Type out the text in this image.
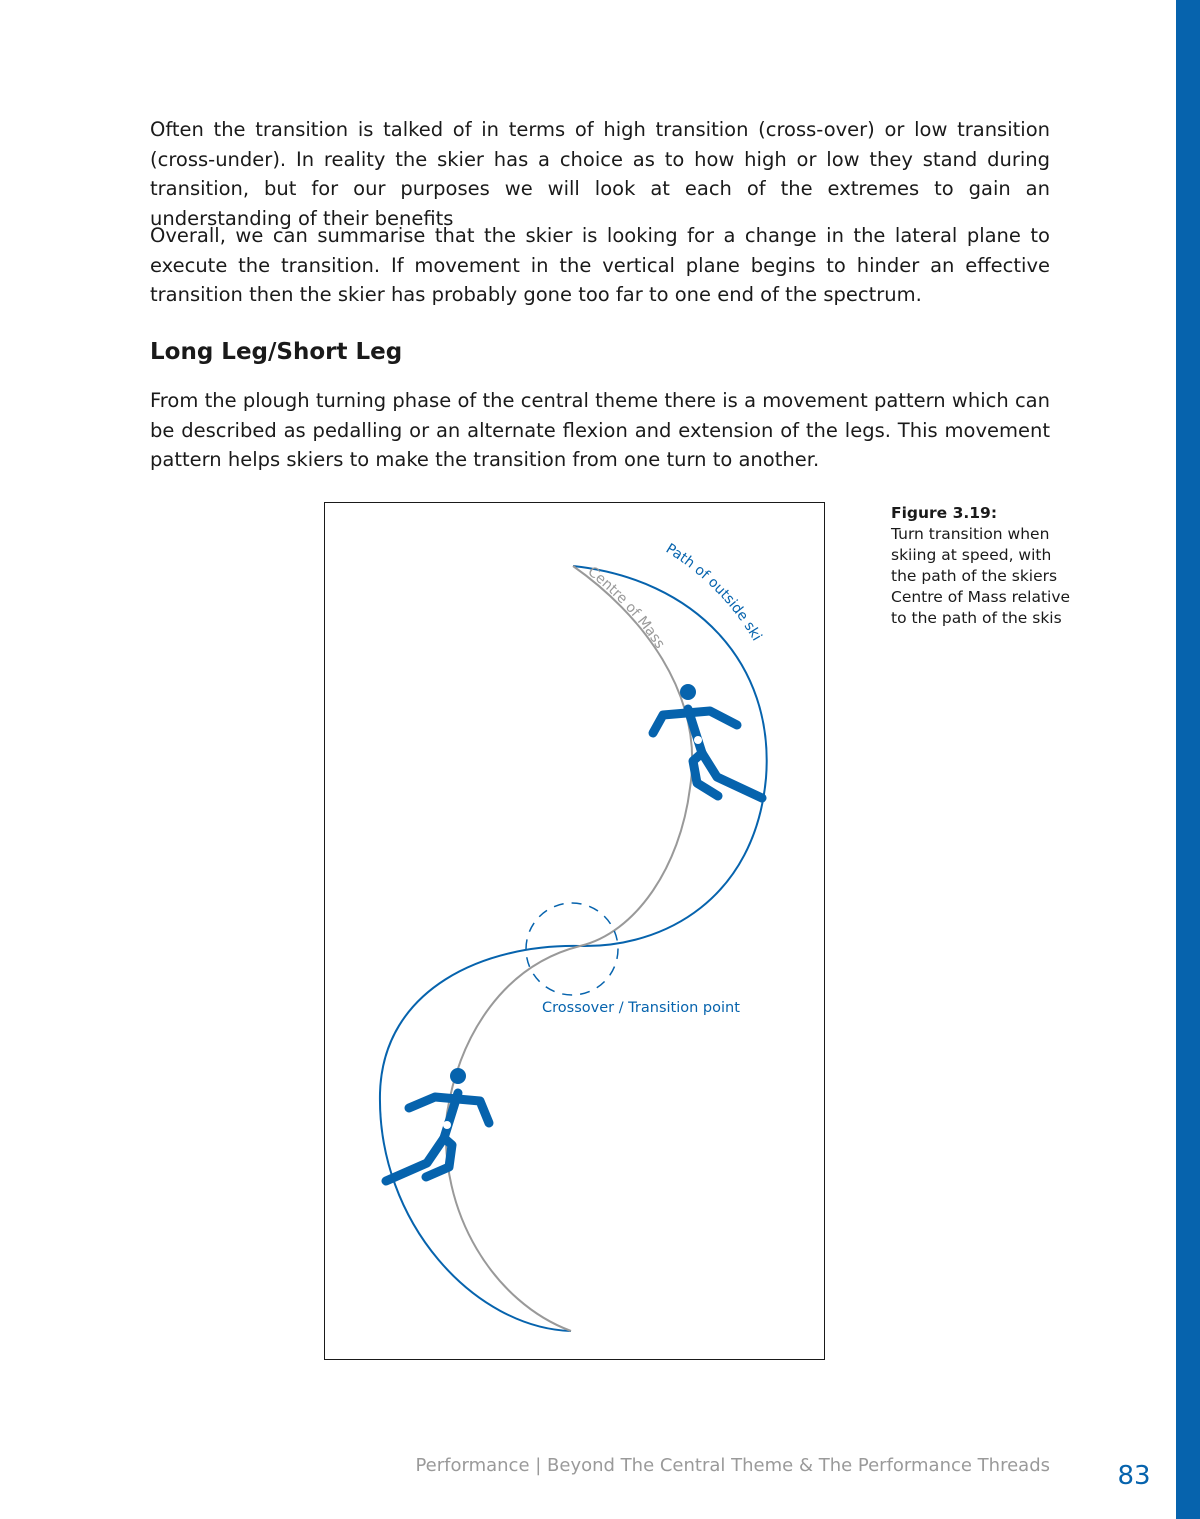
Often the transition is talked of in terms of high transition (cross-over) or low transition (cross-under). In reality the skier has a choice as to how high or low they stand during transition, but for our purposes we will look at each of the extremes to gain an understanding of their benefits

Overall, we can summarise that the skier is looking for a change in the lateral plane to execute the transition. If movement in the vertical plane begins to hinder an effective transition then the skier has probably gone too far to one end of the spectrum.

Long Leg/Short Leg

From the plough turning phase of the central theme there is a movement pattern which can be described as pedalling or an alternate flexion and extension of the legs. This movement pattern helps skiers to make the transition from one turn to another.

Centre of Mass
Path of outside ski
Crossover / Transition point
Figure 3.19:
Turn transition when skiing at speed, with the path of the skiers Centre of Mass relative to the path of the skis
Performance | Beyond The Central Theme & The Performance Threads	83
